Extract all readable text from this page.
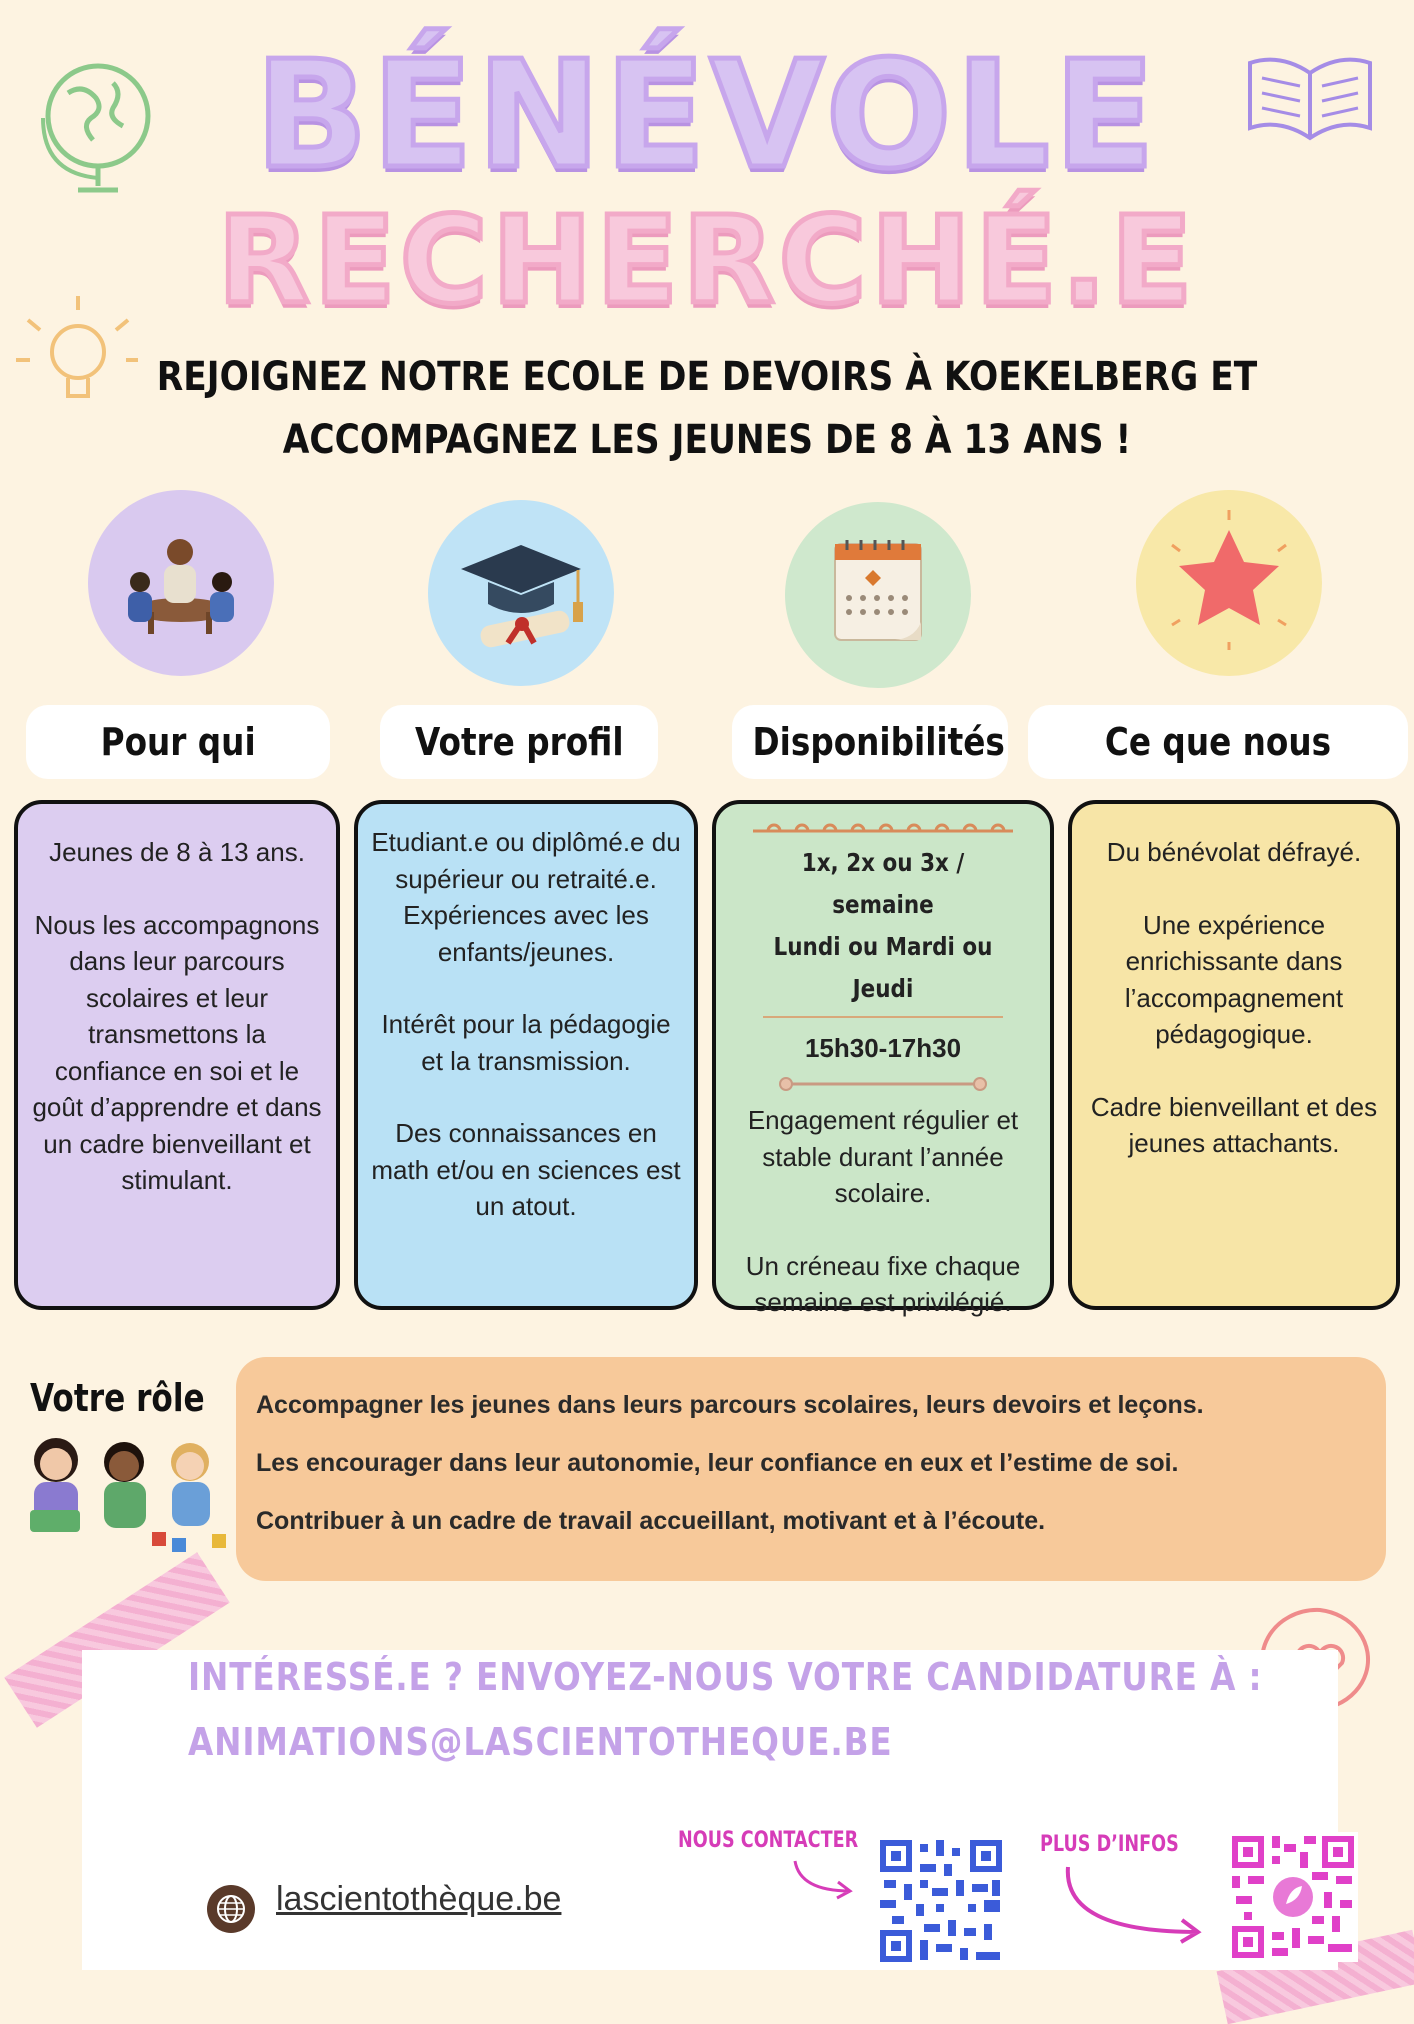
BÉNÉVOLE
RECHERCHÉ.E
REJOIGNEZ NOTRE ECOLE DE DEVOIRS À KOEKELBERG ET
ACCOMPAGNEZ LES JEUNES DE 8 À 13 ANS !
Pour qui	Votre profil	Disponibilités	Ce que nous

Jeunes de 8 à 13 ans.

Nous les accompagnons dans leur parcours scolaires et leur transmettons la confiance en soi et le goût d’apprendre et dans un cadre bienveillant et stimulant.

Etudiant.e ou diplômé.e du supérieur ou retraité.e. Expériences avec les enfants/jeunes.

Intérêt pour la pédagogie et la transmission.

Des connaissances en math et/ou en sciences est un atout.

1x, 2x ou 3x / semaine

Lundi ou Mardi ou Jeudi

15h30-17h30

Engagement régulier et stable durant l’année scolaire.

Un créneau fixe chaque semaine est privilégié.

Du bénévolat défrayé.

Une expérience enrichissante dans l’accompagnement pédagogique.

Cadre bienveillant et des jeunes attachants.

Votre rôle Accompagner les jeunes dans leurs parcours scolaires, leurs devoirs et leçons.

Les encourager dans leur autonomie, leur confiance en eux et l’estime de soi.

Contribuer à un cadre de travail accueillant, motivant et à l’écoute.

INTÉRESSÉ.E ? ENVOYEZ-NOUS VOTRE CANDIDATURE À :
ANIMATIONS@LASCIENTOTHEQUE.BE
NOUS CONTACTER	PLUS D’INFOS
lascientothèque.be
